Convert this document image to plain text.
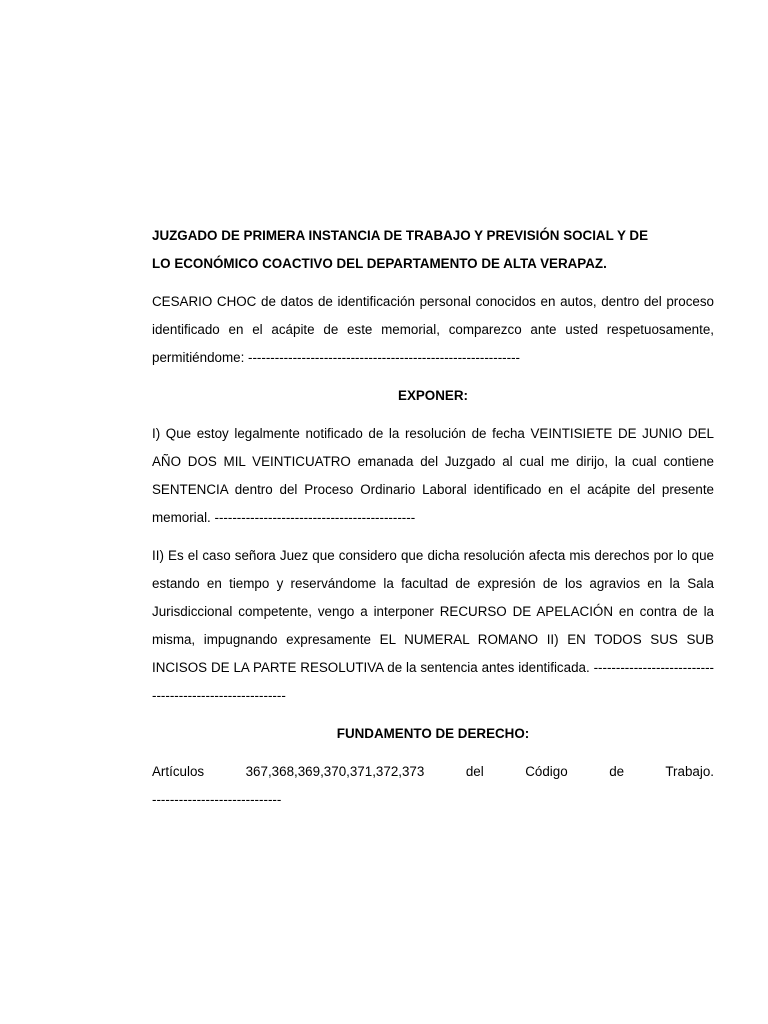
JUZGADO DE PRIMERA INSTANCIA DE TRABAJO Y PREVISIÓN SOCIAL Y DE
LO ECONÓMICO COACTIVO DEL DEPARTAMENTO DE ALTA VERAPAZ.

CESARIO CHOC de datos de identificación personal conocidos en autos, dentro del proceso identificado en el acápite de este memorial, comparezco ante usted respetuosamente, permitiéndome: -------------------------------------------------------------

EXPONER:

I) Que estoy legalmente notificado de la resolución de fecha VEINTISIETE DE JUNIO DEL AÑO DOS MIL VEINTICUATRO emanada del Juzgado al cual me dirijo, la cual contiene SENTENCIA dentro del Proceso Ordinario Laboral identificado en el acápite del presente memorial. ---------------------------------------------

II) Es el caso señora Juez que considero que dicha resolución afecta mis derechos por lo que estando en tiempo y reservándome la facultad de expresión de los agravios en la Sala Jurisdiccional competente, vengo a interponer RECURSO DE APELACIÓN en contra de la misma, impugnando expresamente EL NUMERAL ROMANO II) EN TODOS SUS SUB INCISOS DE LA PARTE RESOLUTIVA de la sentencia antes identificada. ---------------------------------------------------------

FUNDAMENTO DE DERECHO:

Artículos 367,368,369,370,371,372,373 del Código de Trabajo.

-----------------------------
